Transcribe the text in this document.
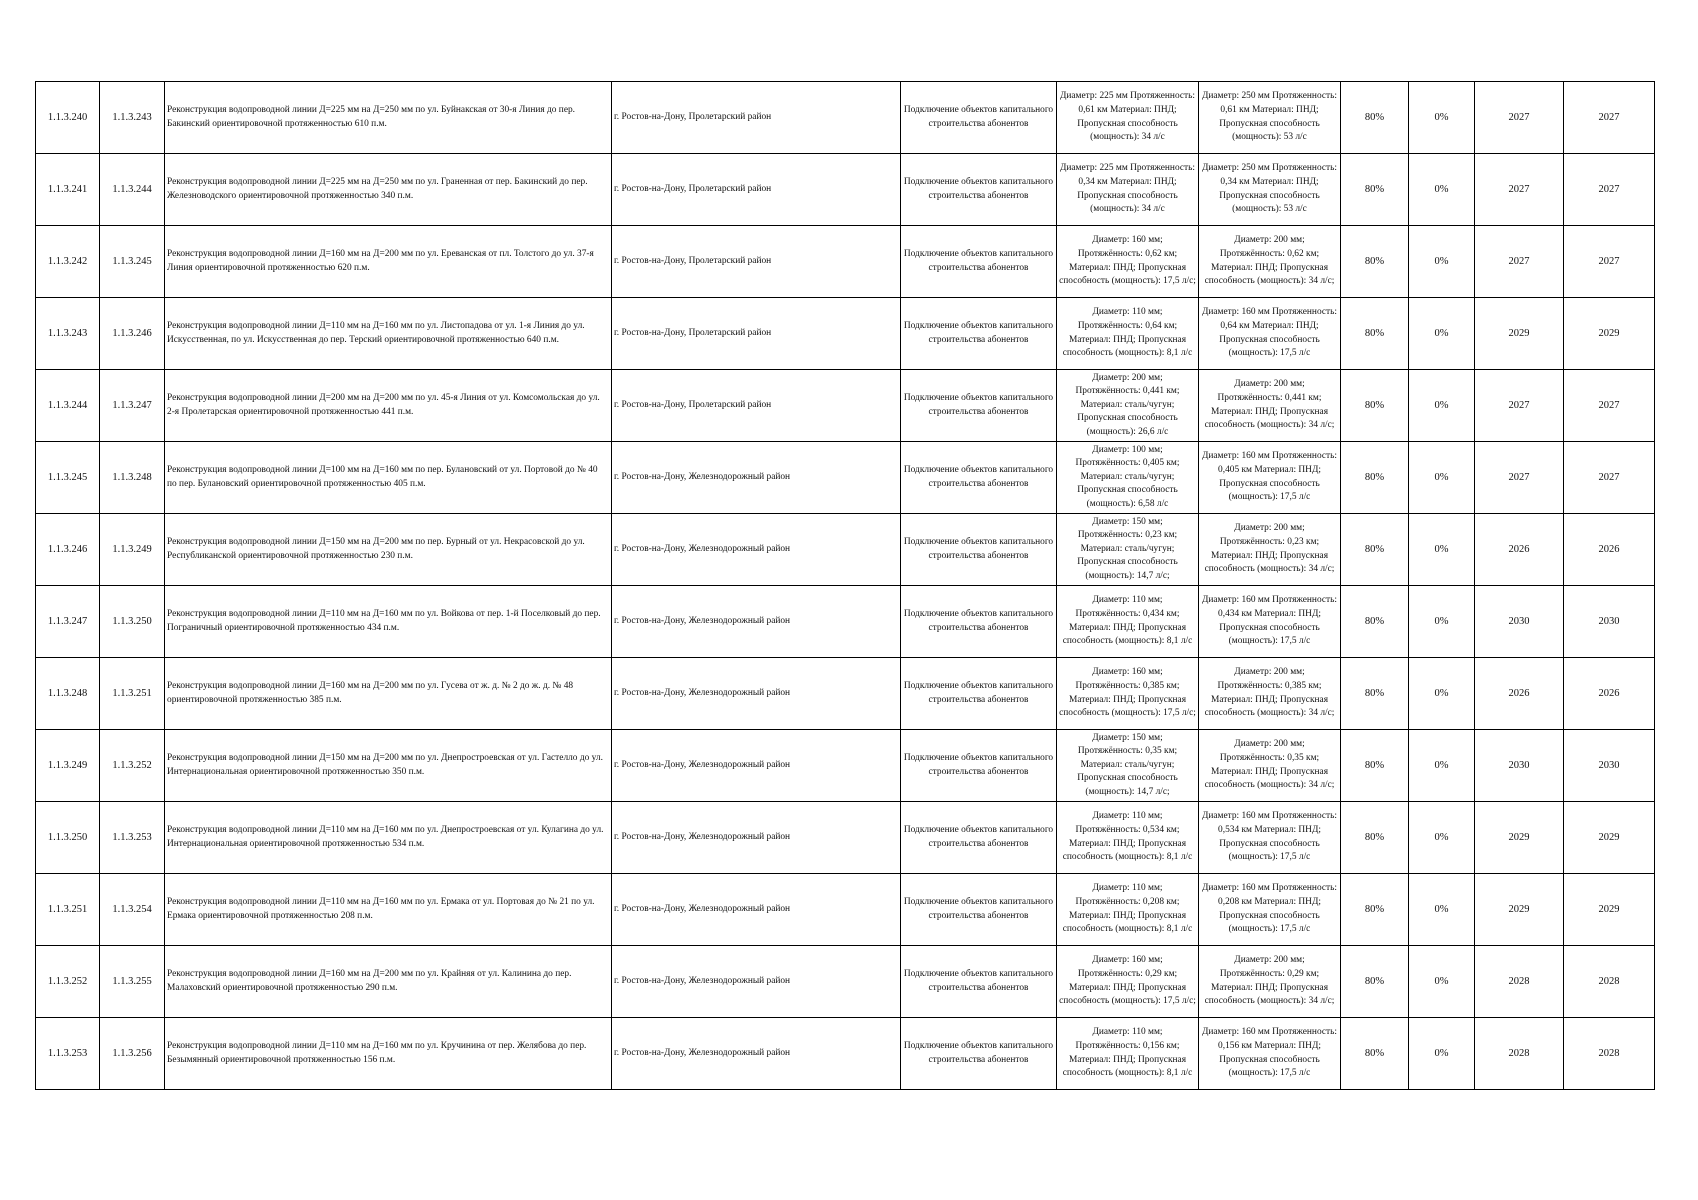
1.1.3.240	1.1.3.243	Реконструкция водопроводной линии Д=225 мм на Д=250 мм по ул. Буйнакская от 30-я Линия до пер. Бакинский ориентировочной протяженностью 610 п.м.	г. Ростов-на-Дону, Пролетарский район	Подключение объектов капитального строительства абонентов	Диаметр: 225 мм Протяженность: 0,61 км Материал: ПНД; Пропускная способность (мощность): 34 л/с	Диаметр: 250 мм Протяженность: 0,61 км Материал: ПНД; Пропускная способность (мощность): 53 л/с	80%	0%	2027	2027
1.1.3.241	1.1.3.244	Реконструкция водопроводной линии Д=225 мм на Д=250 мм по ул. Граненная от пер. Бакинский до пер. Железноводского ориентировочной протяженностью 340 п.м.	г. Ростов-на-Дону, Пролетарский район	Подключение объектов капитального строительства абонентов	Диаметр: 225 мм Протяженность: 0,34 км Материал: ПНД; Пропускная способность (мощность): 34 л/с	Диаметр: 250 мм Протяженность: 0,34 км Материал: ПНД; Пропускная способность (мощность): 53 л/с	80%	0%	2027	2027
1.1.3.242	1.1.3.245	Реконструкция водопроводной линии Д=160 мм на Д=200 мм по ул. Ереванская от пл. Толстого до ул. 37-я Линия ориентировочной протяженностью 620 п.м.	г. Ростов-на-Дону, Пролетарский район	Подключение объектов капитального строительства абонентов	Диаметр: 160 мм; Протяжённость: 0,62 км; Материал: ПНД; Пропускная способность (мощность): 17,5 л/с;	Диаметр: 200 мм; Протяжённость: 0,62 км; Материал: ПНД; Пропускная способность (мощность): 34 л/с;	80%	0%	2027	2027
1.1.3.243	1.1.3.246	Реконструкция водопроводной линии Д=110 мм на Д=160 мм по ул. Листопадова от ул. 1-я Линия до ул. Искусственная, по ул. Искусственная до пер. Терский ориентировочной протяженностью 640 п.м.	г. Ростов-на-Дону, Пролетарский район	Подключение объектов капитального строительства абонентов	Диаметр: 110 мм; Протяжённость: 0,64 км; Материал: ПНД; Пропускная способность (мощность): 8,1 л/с	Диаметр: 160 мм Протяженность: 0,64 км Материал: ПНД; Пропускная способность (мощность): 17,5 л/с	80%	0%	2029	2029
1.1.3.244	1.1.3.247	Реконструкция водопроводной линии Д=200 мм на Д=200 мм по ул. 45-я Линия от ул. Комсомольская до ул. 2-я Пролетарская ориентировочной протяженностью 441 п.м.	г. Ростов-на-Дону, Пролетарский район	Подключение объектов капитального строительства абонентов	Диаметр: 200 мм; Протяжённость: 0,441 км; Материал: сталь/чугун; Пропускная способность (мощность): 26,6 л/с	Диаметр: 200 мм; Протяжённость: 0,441 км; Материал: ПНД; Пропускная способность (мощность): 34 л/с;	80%	0%	2027	2027
1.1.3.245	1.1.3.248	Реконструкция водопроводной линии Д=100 мм на Д=160 мм по пер. Булановский от ул. Портовой до № 40 по пер. Булановский ориентировочной протяженностью 405 п.м.	г. Ростов-на-Дону, Железнодорожный район	Подключение объектов капитального строительства абонентов	Диаметр: 100 мм; Протяжённость: 0,405 км; Материал: сталь/чугун; Пропускная способность (мощность): 6,58 л/с	Диаметр: 160 мм Протяженность: 0,405 км Материал: ПНД; Пропускная способность (мощность): 17,5 л/с	80%	0%	2027	2027
1.1.3.246	1.1.3.249	Реконструкция водопроводной линии Д=150 мм на Д=200 мм по пер. Бурный от ул. Некрасовской до ул. Республиканской ориентировочной протяженностью 230 п.м.	г. Ростов-на-Дону, Железнодорожный район	Подключение объектов капитального строительства абонентов	Диаметр: 150 мм; Протяжённость: 0,23 км; Материал: сталь/чугун; Пропускная способность (мощность): 14,7 л/с;	Диаметр: 200 мм; Протяжённость: 0,23 км; Материал: ПНД; Пропускная способность (мощность): 34 л/с;	80%	0%	2026	2026
1.1.3.247	1.1.3.250	Реконструкция водопроводной линии Д=110 мм на Д=160 мм по ул. Войкова от пер. 1-й Поселковый до пер. Пограничный ориентировочной протяженностью 434 п.м.	г. Ростов-на-Дону, Железнодорожный район	Подключение объектов капитального строительства абонентов	Диаметр: 110 мм; Протяжённость: 0,434 км; Материал: ПНД; Пропускная способность (мощность): 8,1 л/с	Диаметр: 160 мм Протяженность: 0,434 км Материал: ПНД; Пропускная способность (мощность): 17,5 л/с	80%	0%	2030	2030
1.1.3.248	1.1.3.251	Реконструкция водопроводной линии Д=160 мм на Д=200 мм по ул. Гусева от ж. д. № 2 до ж. д. № 48 ориентировочной протяженностью 385 п.м.	г. Ростов-на-Дону, Железнодорожный район	Подключение объектов капитального строительства абонентов	Диаметр: 160 мм; Протяжённость: 0,385 км; Материал: ПНД; Пропускная способность (мощность): 17,5 л/с;	Диаметр: 200 мм; Протяжённость: 0,385 км; Материал: ПНД; Пропускная способность (мощность): 34 л/с;	80%	0%	2026	2026
1.1.3.249	1.1.3.252	Реконструкция водопроводной линии Д=150 мм на Д=200 мм по ул. Днепростроевская от ул. Гастелло до ул. Интернациональная ориентировочной протяженностью 350 п.м.	г. Ростов-на-Дону, Железнодорожный район	Подключение объектов капитального строительства абонентов	Диаметр: 150 мм; Протяжённость: 0,35 км; Материал: сталь/чугун; Пропускная способность (мощность): 14,7 л/с;	Диаметр: 200 мм; Протяжённость: 0,35 км; Материал: ПНД; Пропускная способность (мощность): 34 л/с;	80%	0%	2030	2030
1.1.3.250	1.1.3.253	Реконструкция водопроводной линии Д=110 мм на Д=160 мм по ул. Днепростроевская от ул. Кулагина до ул. Интернациональная ориентировочной протяженностью 534 п.м.	г. Ростов-на-Дону, Железнодорожный район	Подключение объектов капитального строительства абонентов	Диаметр: 110 мм; Протяжённость: 0,534 км; Материал: ПНД; Пропускная способность (мощность): 8,1 л/с	Диаметр: 160 мм Протяженность: 0,534 км Материал: ПНД; Пропускная способность (мощность): 17,5 л/с	80%	0%	2029	2029
1.1.3.251	1.1.3.254	Реконструкция водопроводной линии Д=110 мм на Д=160 мм по ул. Ермака от ул. Портовая до № 21 по ул. Ермака ориентировочной протяженностью 208 п.м.	г. Ростов-на-Дону, Железнодорожный район	Подключение объектов капитального строительства абонентов	Диаметр: 110 мм; Протяжённость: 0,208 км; Материал: ПНД; Пропускная способность (мощность): 8,1 л/с	Диаметр: 160 мм Протяженность: 0,208 км Материал: ПНД; Пропускная способность (мощность): 17,5 л/с	80%	0%	2029	2029
1.1.3.252	1.1.3.255	Реконструкция водопроводной линии Д=160 мм на Д=200 мм по ул. Крайняя от ул. Калинина до пер. Малаховский ориентировочной протяженностью 290 п.м.	г. Ростов-на-Дону, Железнодорожный район	Подключение объектов капитального строительства абонентов	Диаметр: 160 мм; Протяжённость: 0,29 км; Материал: ПНД; Пропускная способность (мощность): 17,5 л/с;	Диаметр: 200 мм; Протяжённость: 0,29 км; Материал: ПНД; Пропускная способность (мощность): 34 л/с;	80%	0%	2028	2028
1.1.3.253	1.1.3.256	Реконструкция водопроводной линии Д=110 мм на Д=160 мм по ул. Кручинина от пер. Желябова до пер. Безымянный ориентировочной протяженностью 156 п.м.	г. Ростов-на-Дону, Железнодорожный район	Подключение объектов капитального строительства абонентов	Диаметр: 110 мм; Протяжённость: 0,156 км; Материал: ПНД; Пропускная способность (мощность): 8,1 л/с	Диаметр: 160 мм Протяженность: 0,156 км Материал: ПНД; Пропускная способность (мощность): 17,5 л/с	80%	0%	2028	2028
